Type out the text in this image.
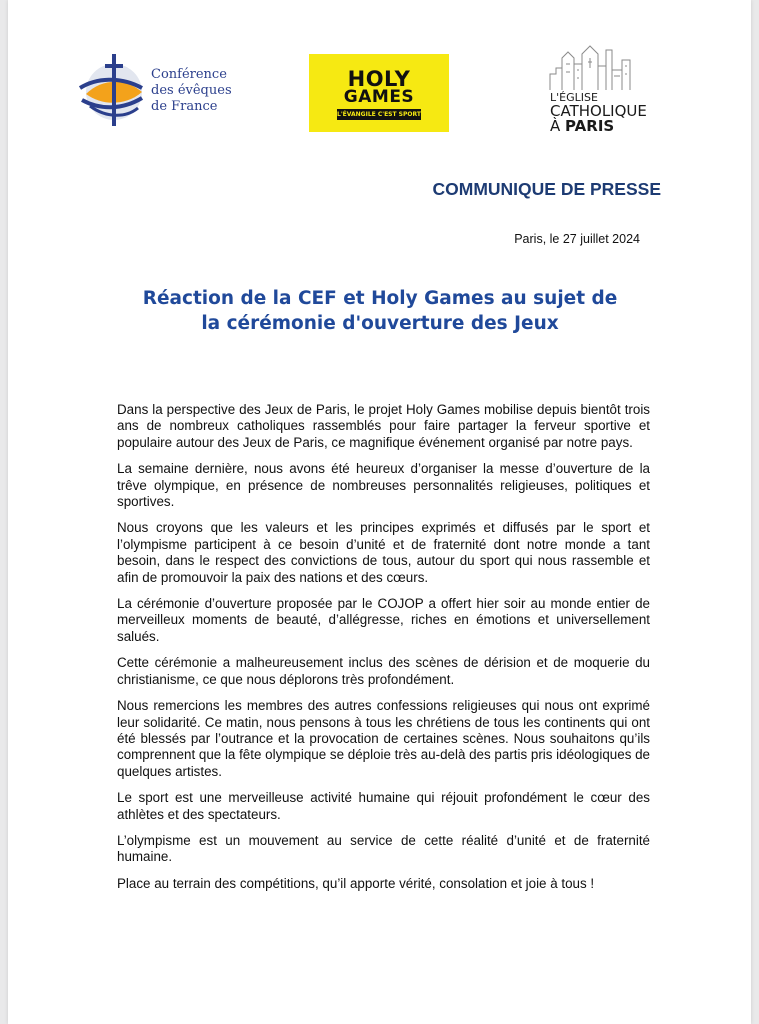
Conférence
des évêques
de France
HOLY
GAMES
L'ÉVANGILE C'EST SPORT !
L'ÉGLISE
CATHOLIQUE
À PARIS
COMMUNIQUE DE PRESSE
Paris, le 27 juillet 2024
Réaction de la CEF et Holy Games au sujet de
la cérémonie d'ouverture des Jeux

Dans la perspective des Jeux de Paris, le projet Holy Games mobilise depuis bientôt trois ans de nombreux catholiques rassemblés pour faire partager la ferveur sportive et populaire autour des Jeux de Paris, ce magnifique événement organisé par notre pays.

La semaine dernière, nous avons été heureux d’organiser la messe d’ouverture de la trêve olympique, en présence de nombreuses personnalités religieuses, politiques et sportives.

Nous croyons que les valeurs et les principes exprimés et diffusés par le sport et l’olympisme participent à ce besoin d’unité et de fraternité dont notre monde a tant besoin, dans le respect des convictions de tous, autour du sport qui nous rassemble et afin de promouvoir la paix des nations et des cœurs.

La cérémonie d’ouverture proposée par le COJOP a offert hier soir au monde entier de merveilleux moments de beauté, d’allégresse, riches en émotions et universellement salués.

Cette cérémonie a malheureusement inclus des scènes de dérision et de moquerie du christianisme, ce que nous déplorons très profondément.

Nous remercions les membres des autres confessions religieuses qui nous ont exprimé leur solidarité. Ce matin, nous pensons à tous les chrétiens de tous les continents qui ont été blessés par l’outrance et la provocation de certaines scènes. Nous souhaitons qu’ils comprennent que la fête olympique se déploie très au-delà des partis pris idéologiques de quelques artistes.

Le sport est une merveilleuse activité humaine qui réjouit profondément le cœur des athlètes et des spectateurs.

L’olympisme est un mouvement au service de cette réalité d’unité et de fraternité humaine.

Place au terrain des compétitions, qu’il apporte vérité, consolation et joie à tous !
